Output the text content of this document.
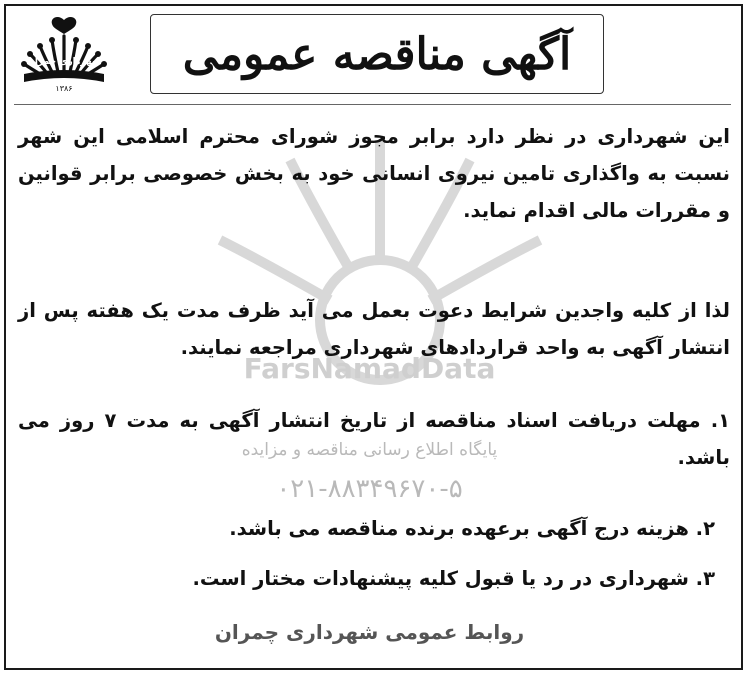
شهرداری چمران
۱۳۸۶
آگهی مناقصه عمومی
FarsNamadData
پایگاه اطلاع رسانی مناقصه و مزایده
۰۲۱-۸۸۳۴۹۶۷۰-۵
این شهرداری در نظر دارد برابر مجوز شورای محترم اسلامی این شهر نسبت به واگذاری تامین نیروی انسانی خود به بخش خصوصی برابر قوانین و مقررات مالی اقدام نماید.
لذا از کلیه واجدین شرایط دعوت بعمل می آید ظرف مدت یک هفته پس از انتشار آگهی به واحد قراردادهای شهرداری مراجعه نمایند.
۱. مهلت دریافت اسناد مناقصه از تاریخ انتشار آگهی به مدت ۷ روز می باشد.
۲. هزینه درج آگهی برعهده برنده مناقصه می باشد.
۳. شهرداری در رد یا قبول کلیه پیشنهادات مختار است.
روابط عمومی شهرداری چمران
